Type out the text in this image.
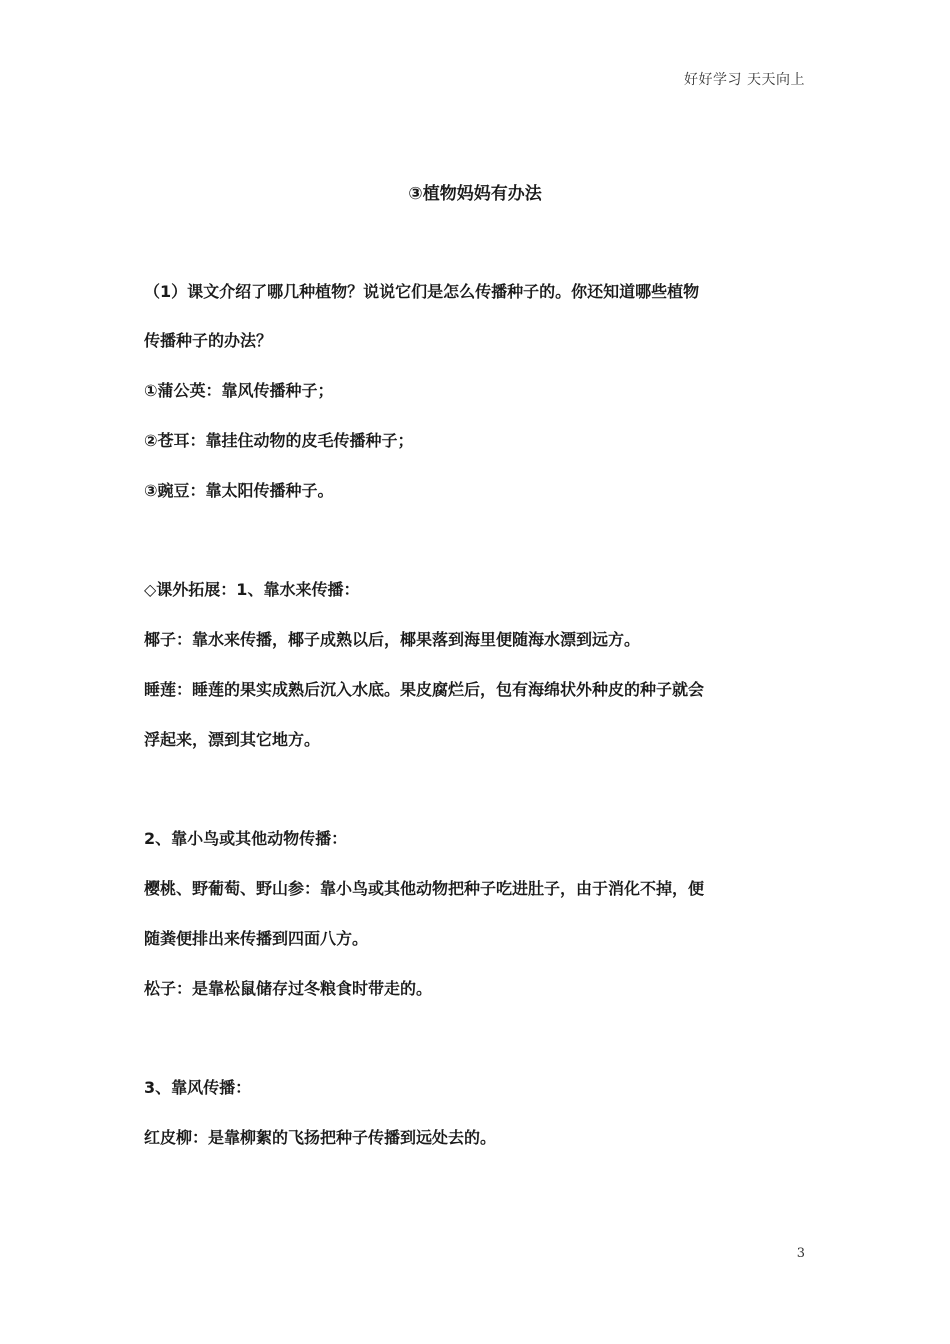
好好学习 天天向上
③植物妈妈有办法
（1）课文介绍了哪几种植物？说说它们是怎么传播种子的。你还知道哪些植物
传播种子的办法？
①蒲公英：靠风传播种子；
②苍耳：靠挂住动物的皮毛传播种子；
③豌豆：靠太阳传播种子。
◇课外拓展：1、靠水来传播：
椰子：靠水来传播，椰子成熟以后，椰果落到海里便随海水漂到远方。
睡莲：睡莲的果实成熟后沉入水底。果皮腐烂后，包有海绵状外种皮的种子就会
浮起来，漂到其它地方。
2、靠小鸟或其他动物传播：
樱桃、野葡萄、野山参：靠小鸟或其他动物把种子吃进肚子，由于消化不掉，便
随粪便排出来传播到四面八方。
松子：是靠松鼠储存过冬粮食时带走的。
3、靠风传播：
红皮柳：是靠柳絮的飞扬把种子传播到远处去的。
3
